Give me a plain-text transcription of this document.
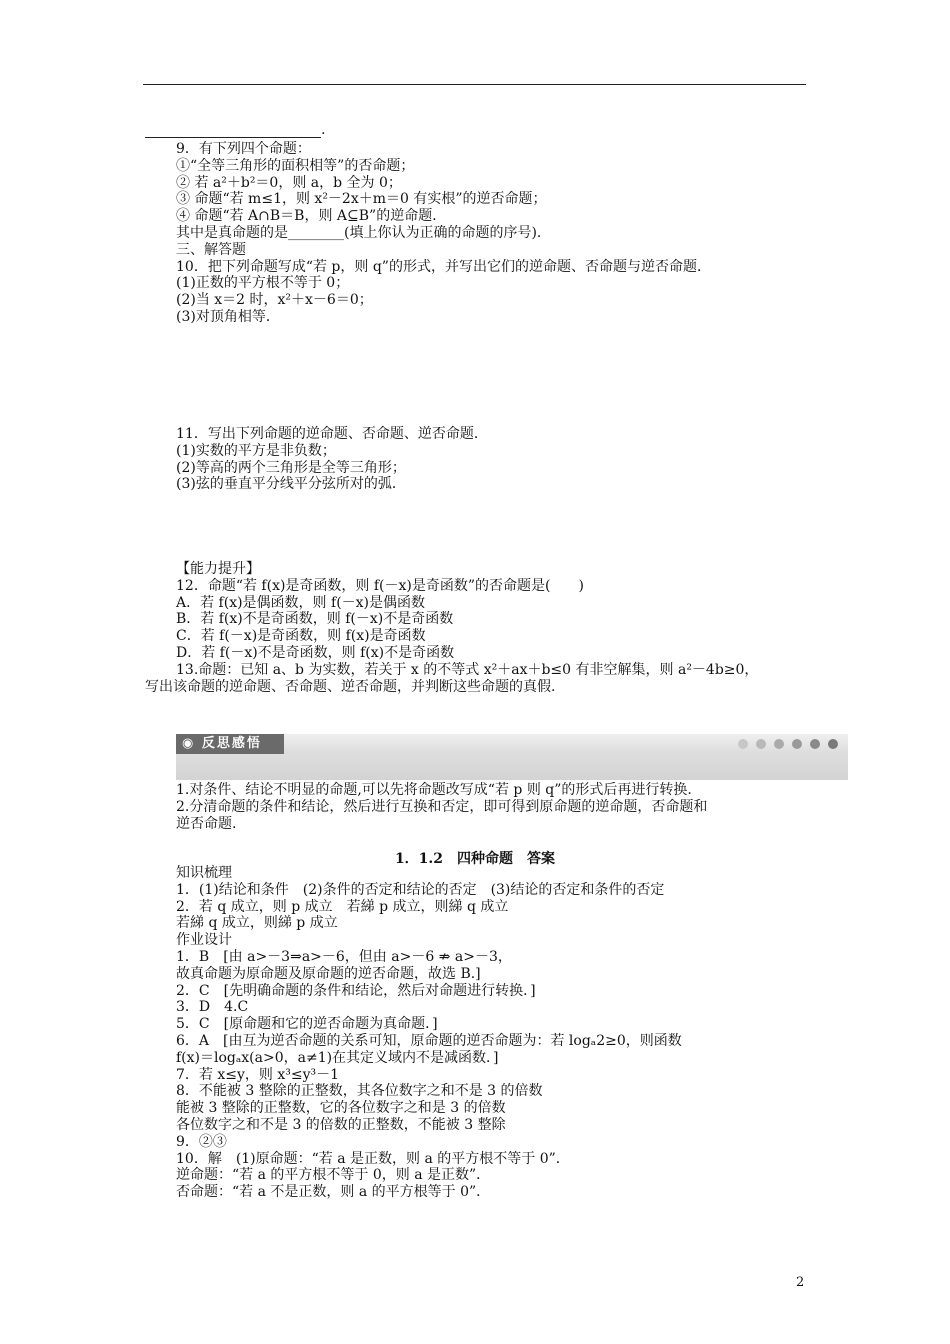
.
9．有下列四个命题：
①“全等三角形的面积相等”的否命题；
② 若 a²＋b²＝0，则 a，b 全为 0；
③ 命题“若 m≤1，则 x²－2x＋m＝0 有实根”的逆否命题；
④ 命题“若 A∩B＝B，则 A⊆B”的逆命题．
其中是真命题的是________(填上你认为正确的命题的序号)．
三、解答题
10．把下列命题写成“若 p，则 q”的形式，并写出它们的逆命题、否命题与逆否命题．
(1)正数的平方根不等于 0；
(2)当 x＝2 时，x²＋x－6＝0；
(3)对顶角相等．
11．写出下列命题的逆命题、否命题、逆否命题．
(1)实数的平方是非负数；
(2)等高的两个三角形是全等三角形；
(3)弦的垂直平分线平分弦所对的弧．
【能力提升】
12．命题“若 f(x)是奇函数，则 f(－x)是奇函数”的否命题是(　　)
A．若 f(x)是偶函数，则 f(－x)是偶函数
B．若 f(x)不是奇函数，则 f(－x)不是奇函数
C．若 f(－x)是奇函数，则 f(x)是奇函数
D．若 f(－x)不是奇函数，则 f(x)不是奇函数
13.命题：已知 a、b 为实数，若关于 x 的不等式 x²＋ax＋b≤0 有非空解集，则 a²－4b≥0，
写出该命题的逆命题、否命题、逆否命题，并判断这些命题的真假.
◉ 反思感悟
1.对条件、结论不明显的命题,可以先将命题改写成“若 p 则 q”的形式后再进行转换.
2.分清命题的条件和结论，然后进行互换和否定，即可得到原命题的逆命题，否命题和
逆否命题.
1．1.2　四种命题　答案
知识梳理
1．(1)结论和条件　(2)条件的否定和结论的否定　(3)结论的否定和条件的否定
2．若 q 成立，则 p 成立　若綈 p 成立，则綈 q 成立
若綈 q 成立，则綈 p 成立
作业设计
1．B　[由 a>－3⇒a>－6，但由 a>－6 ⇏ a>－3，
故真命题为原命题及原命题的逆否命题，故选 B.]
2．C　[先明确命题的条件和结论，然后对命题进行转换．]
3．D　4.C
5．C　[原命题和它的逆否命题为真命题．]
6．A　[由互为逆否命题的关系可知，原命题的逆否命题为：若 logₐ2≥0，则函数
f(x)＝logₐx(a>0，a≠1)在其定义域内不是减函数．]
7．若 x≤y，则 x³≤y³－1
8．不能被 3 整除的正整数，其各位数字之和不是 3 的倍数
能被 3 整除的正整数，它的各位数字之和是 3 的倍数
各位数字之和不是 3 的倍数的正整数，不能被 3 整除
9．②③
10．解　(1)原命题：“若 a 是正数，则 a 的平方根不等于 0”．
逆命题：“若 a 的平方根不等于 0，则 a 是正数”．
否命题：“若 a 不是正数，则 a 的平方根等于 0”．
2
